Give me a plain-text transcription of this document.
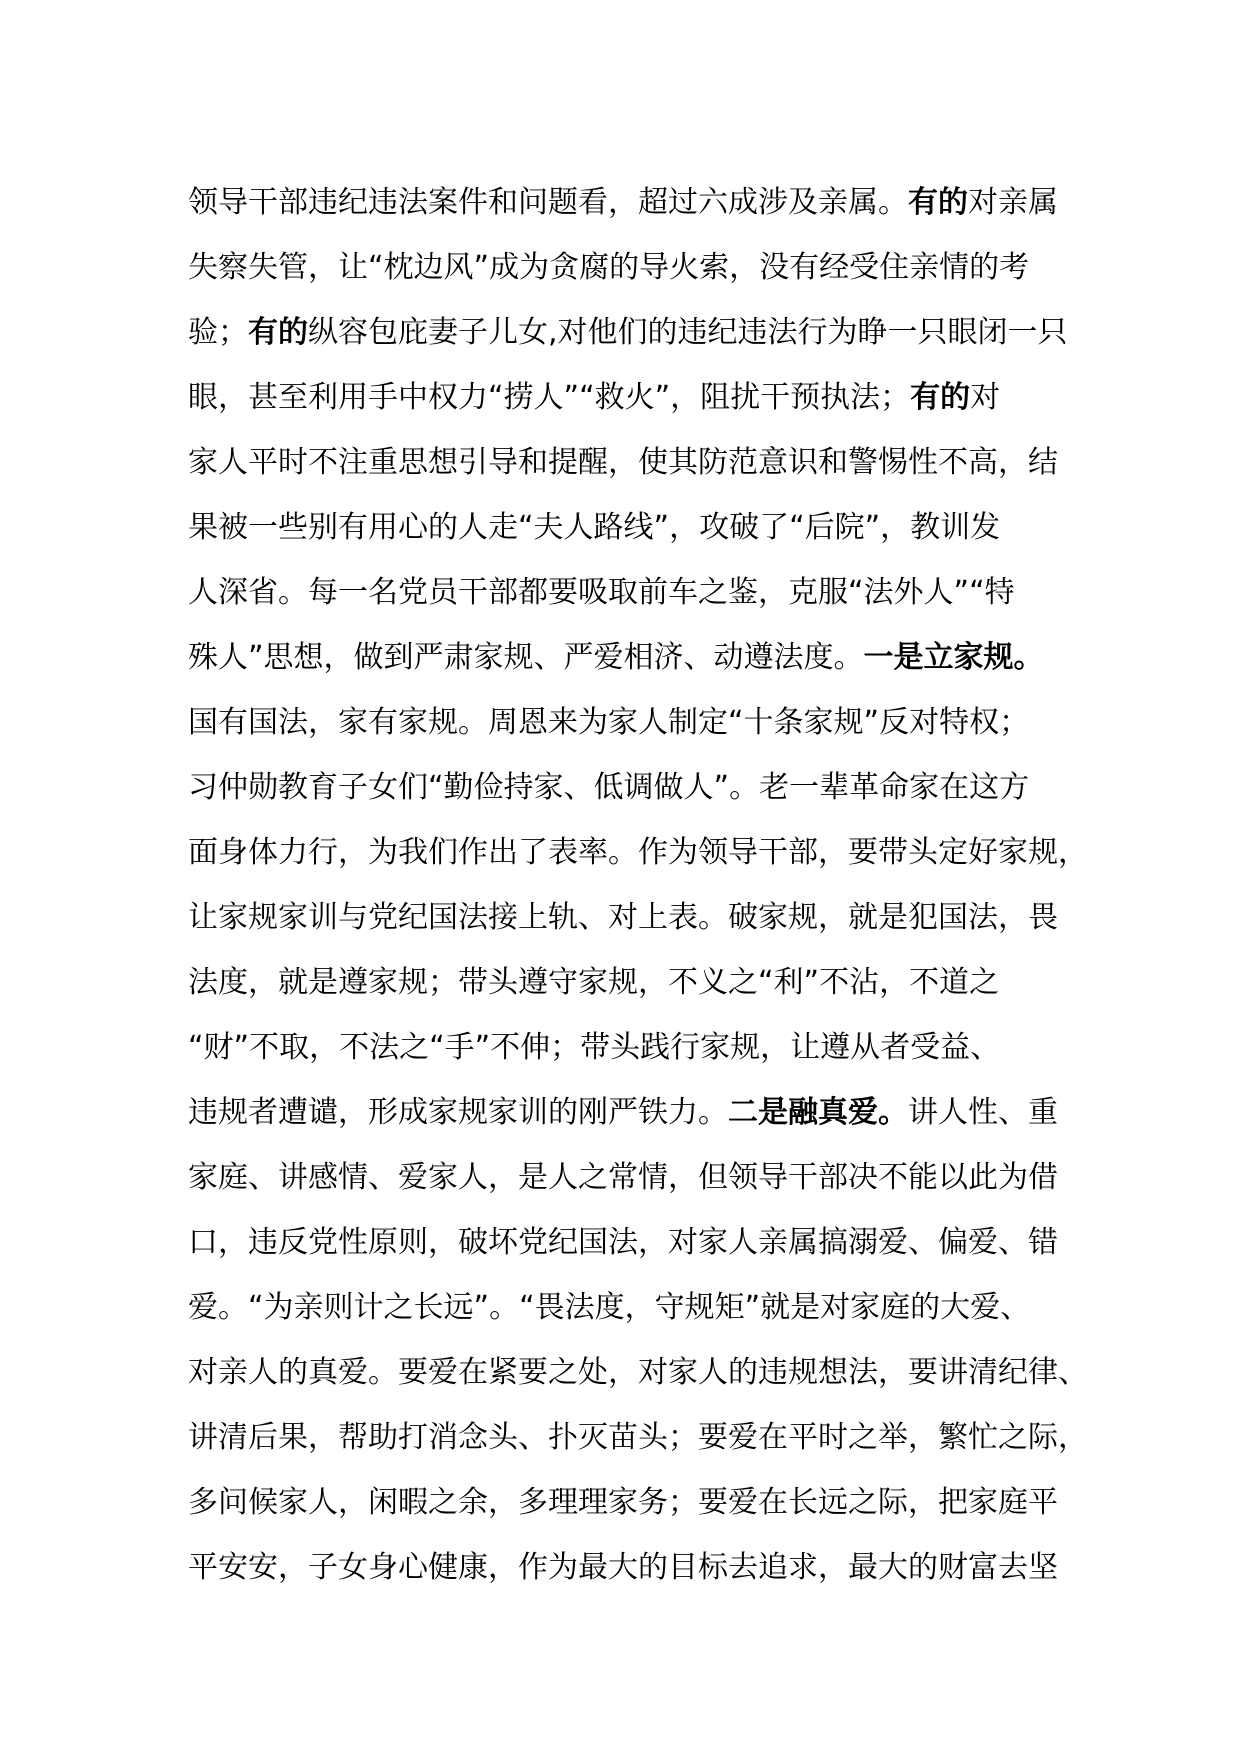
领导干部违纪违法案件和问题看，超过六成涉及亲属。有的对亲属
失察失管，让“枕边风”成为贪腐的导火索，没有经受住亲情的考
验；有的纵容包庇妻子儿女,对他们的违纪违法行为睁一只眼闭一只
眼，甚至利用手中权力“捞人”“救火”，阻扰干预执法；有的对
家人平时不注重思想引导和提醒，使其防范意识和警惕性不高，结
果被一些别有用心的人走“夫人路线”，攻破了“后院”，教训发
人深省。每一名党员干部都要吸取前车之鉴，克服“法外人”“特
殊人”思想，做到严肃家规、严爱相济、动遵法度。一是立家规。
国有国法，家有家规。周恩来为家人制定“十条家规”反对特权；
习仲勋教育子女们“勤俭持家、低调做人”。老一辈革命家在这方
面身体力行，为我们作出了表率。作为领导干部，要带头定好家规，
让家规家训与党纪国法接上轨、对上表。破家规，就是犯国法，畏
法度，就是遵家规；带头遵守家规，不义之“利”不沾，不道之
“财”不取，不法之“手”不伸；带头践行家规，让遵从者受益、
违规者遭谴，形成家规家训的刚严铁力。二是融真爱。讲人性、重
家庭、讲感情、爱家人，是人之常情，但领导干部决不能以此为借
口，违反党性原则，破坏党纪国法，对家人亲属搞溺爱、偏爱、错
爱。“为亲则计之长远”。“畏法度，守规矩”就是对家庭的大爱、
对亲人的真爱。要爱在紧要之处，对家人的违规想法，要讲清纪律、
讲清后果，帮助打消念头、扑灭苗头；要爱在平时之举，繁忙之际，
多问候家人，闲暇之余，多理理家务；要爱在长远之际，把家庭平
平安安，子女身心健康，作为最大的目标去追求，最大的财富去坚
